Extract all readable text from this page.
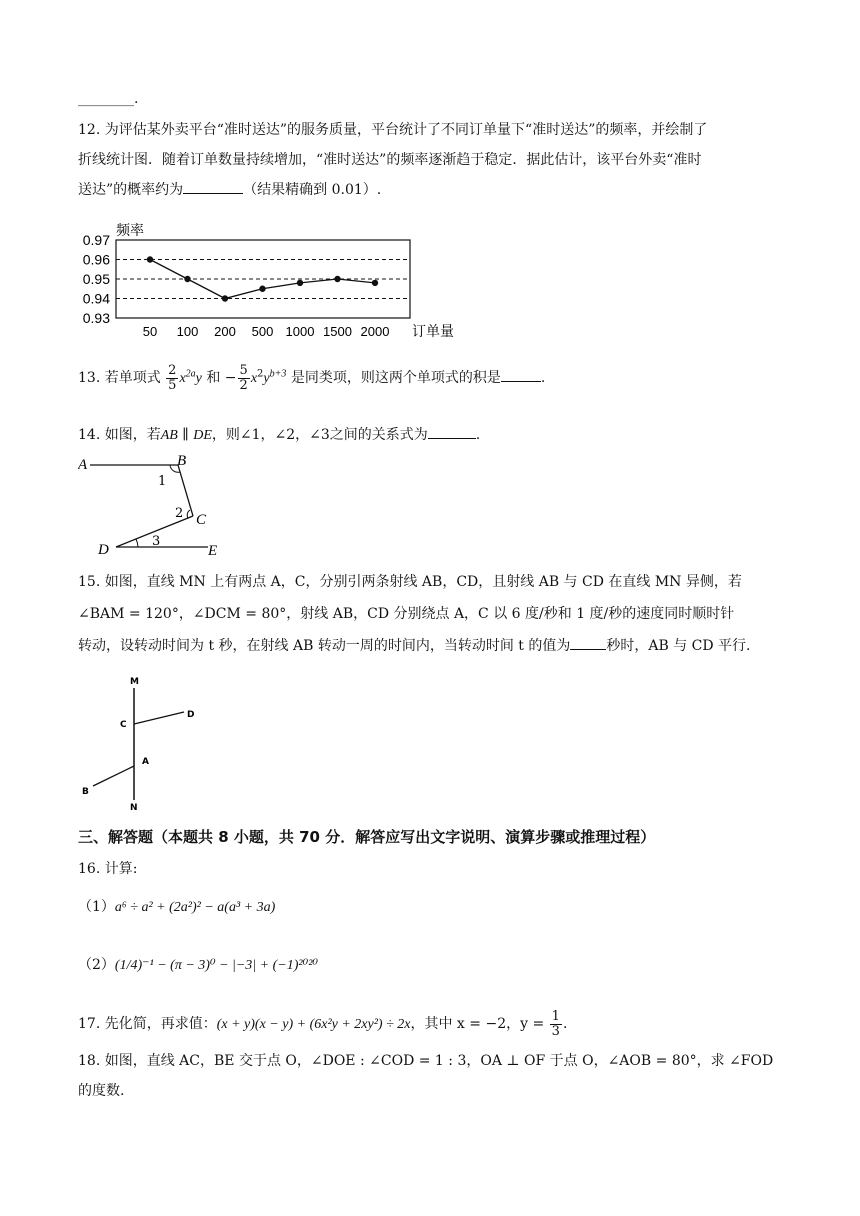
________.
12. 为评估某外卖平台“准时送达”的服务质量，平台统计了不同订单量下“准时送达”的频率，并绘制了
折线统计图．随着订单数量持续增加，“准时送达”的频率逐渐趋于稳定．据此估计，该平台外卖“准时
送达”的概率约为	（结果精确到 0.01）.
0.97
0.96
0.95
0.94
0.93
50 100 200 500 1000 1500 2000
频率
订单量
13. 若单项式 $\frac{2}{5} x^{2a}y$ 和 − $\frac{5}{2} x^2y^{b+3}$ 是同类项，则这两个单项式的积是	.
14. 如图，若AB ∥ DE，则∠1，∠2，∠3之间的关系式为	.
A	B
C
D	E
1
2
3
15. 如图，直线 MN 上有两点 A，C，分别引两条射线 AB，CD，且射线 AB 与 CD 在直线 MN 异侧，若
∠BAM = 120°，∠DCM = 80°，射线 AB，CD 分别绕点 A，C 以 6 度/秒和 1 度/秒的速度同时顺时针
转动，设转动时间为 t 秒，在射线 AB 转动一周的时间内，当转动时间 t 的值为	秒时，AB 与 CD 平行.
M
C
D
A
B
N
三、解答题（本题共 8 小题，共 70 分．解答应写出文字说明、演算步骤或推理过程）
16. 计算:
（1）a⁶ ÷ a² + (2a²)² − a(a³ + 3a)
（2）(1/4)⁻¹ − (π − 3)⁰ − |−3| + (−1)²⁰²⁰
17. 先化简，再求值：(x + y)(x − y) + (6x²y + 2xy²) ÷ 2x，其中 x = −2，$y = \frac{1}{3}$ .
18. 如图，直线 AC，BE 交于点 O，∠DOE : ∠COD = 1 : 3，OA ⊥ OF 于点 O，∠AOB = 80°，求 ∠FOD
的度数.
